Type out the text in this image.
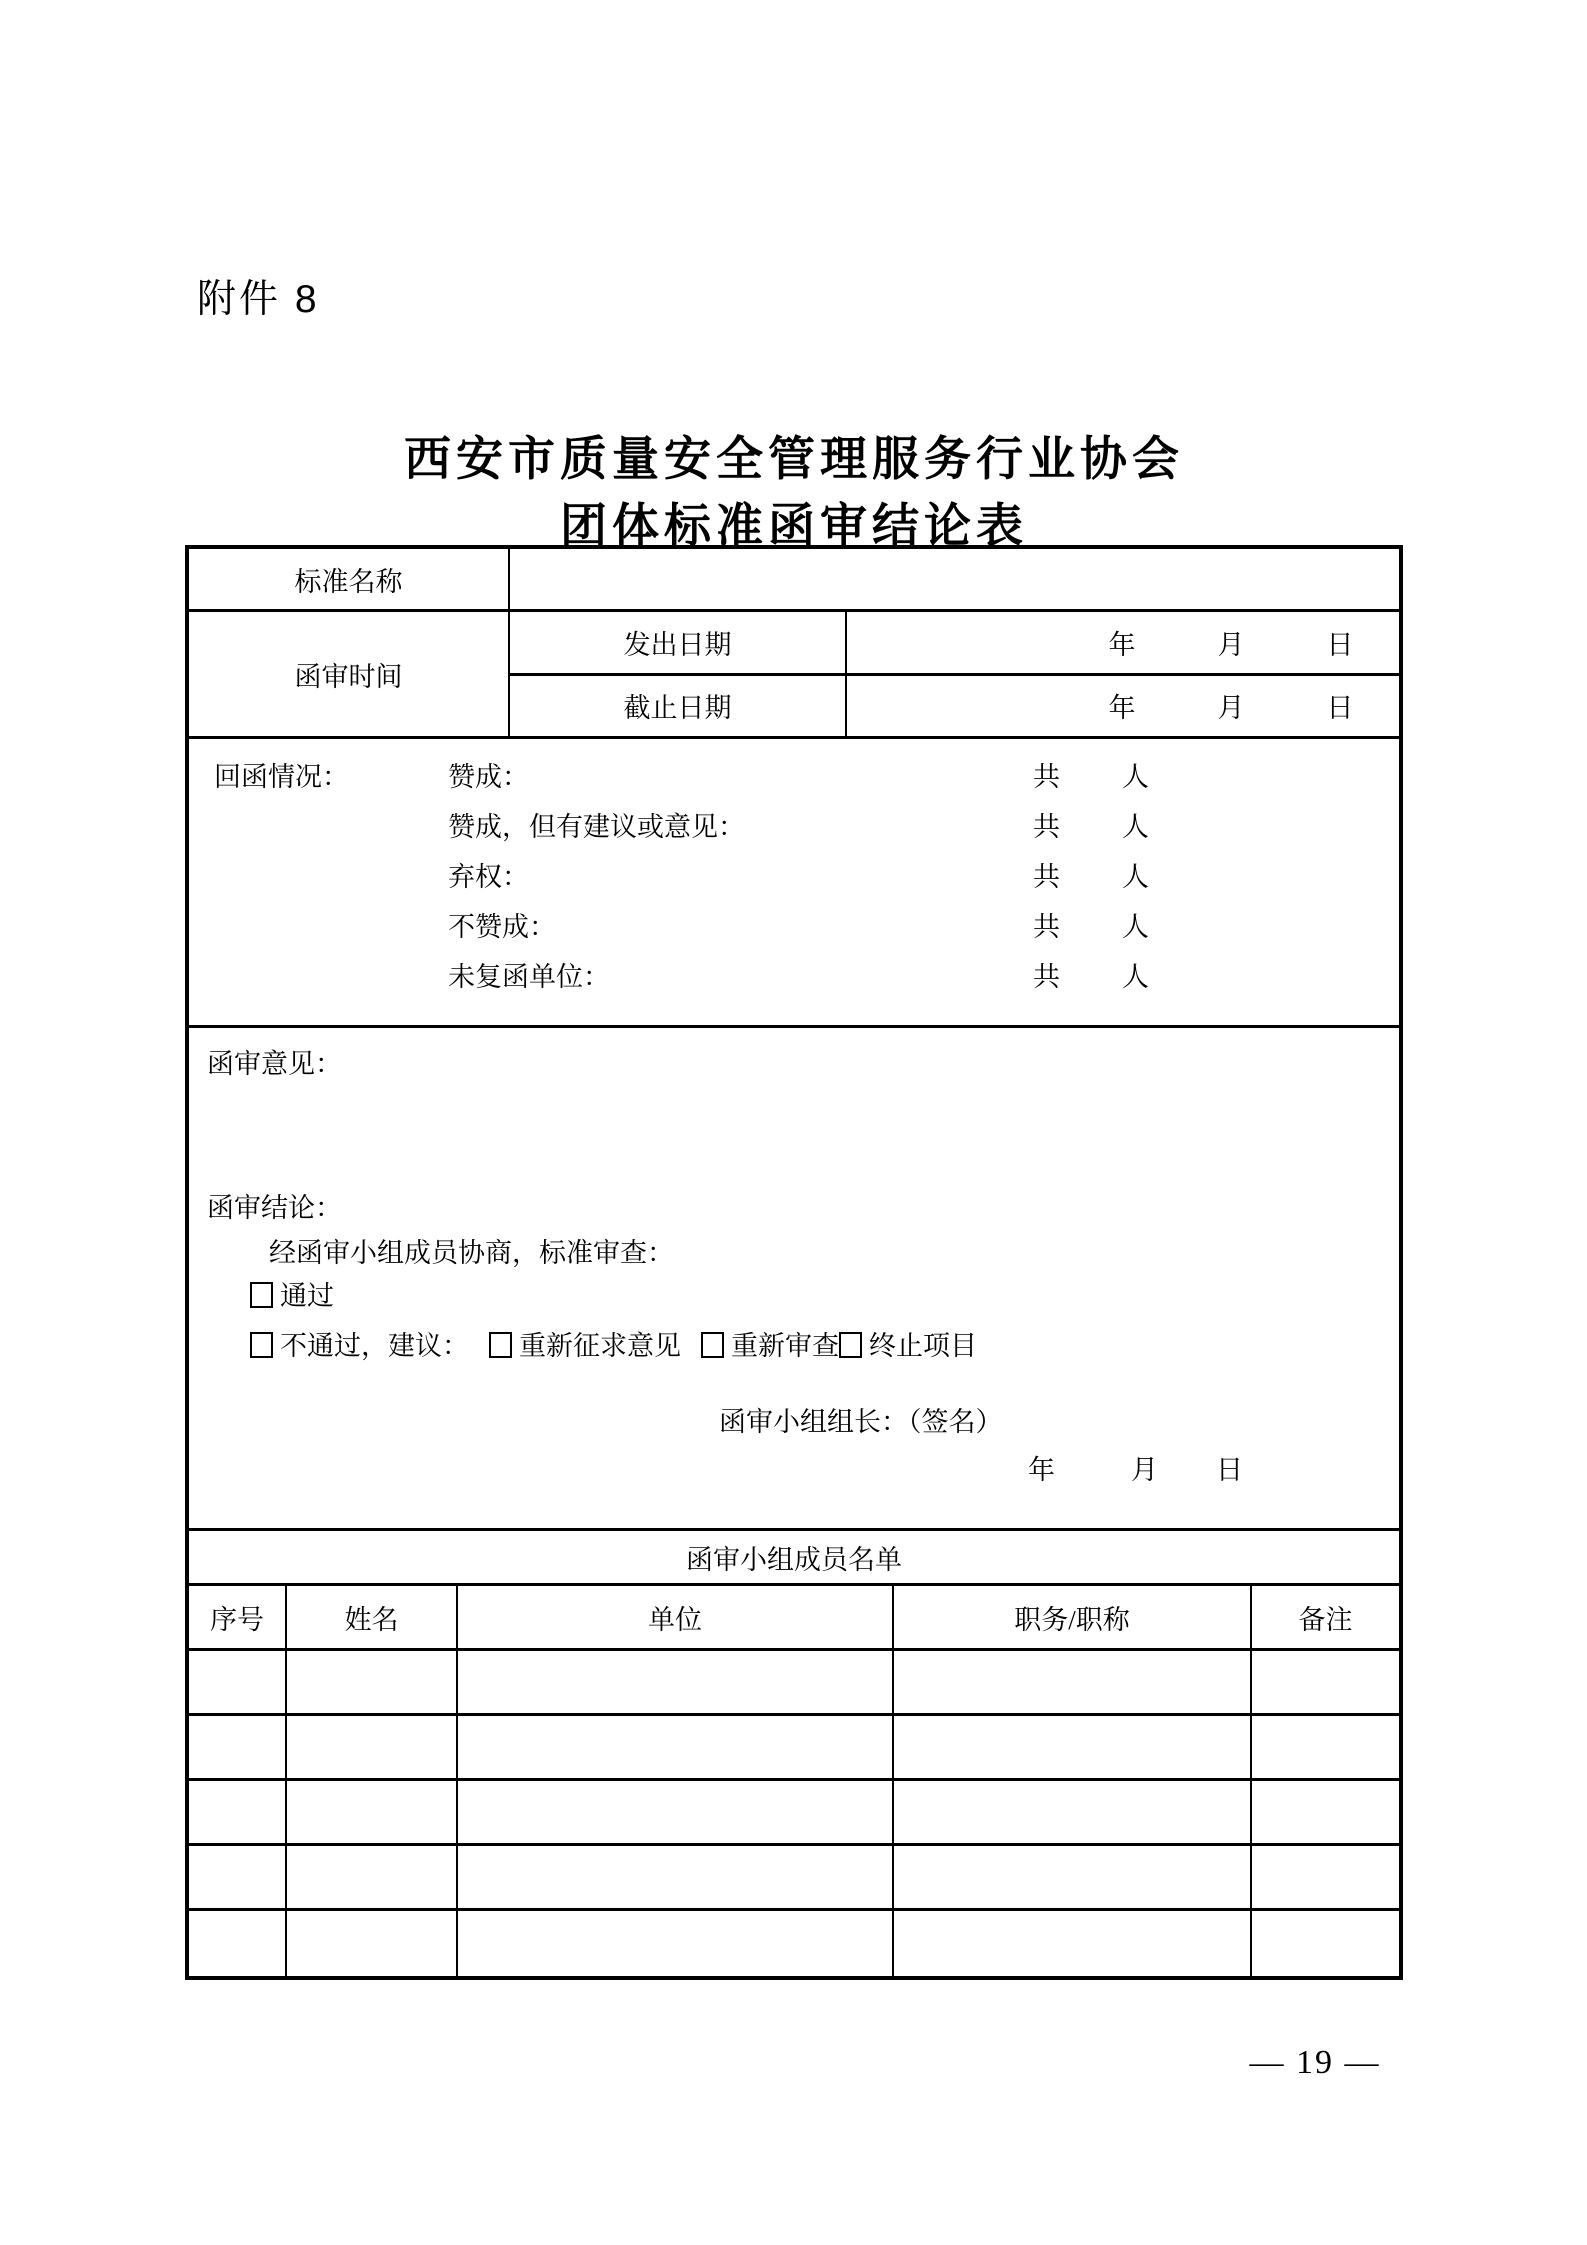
附件 8
西安市质量安全管理服务行业协会
团体标准函审结论表
标准名称
函审时间
发出日期	年	月	日
截止日期	年	月	日
回函情况：	赞成：	共 人
赞成，但有建议或意见：	共 人
弃权：	共 人
不赞成：	共 人
未复函单位：	共 人
函审意见：
函审结论：
经函审小组成员协商，标准审查：
通过
不通过，建议： 重新征求意见 重新审查 终止项目
函审小组组长：（签名）
年	月 日
函审小组成员名单
序号	姓名	单位	职务/职称	备注
— 19 —
